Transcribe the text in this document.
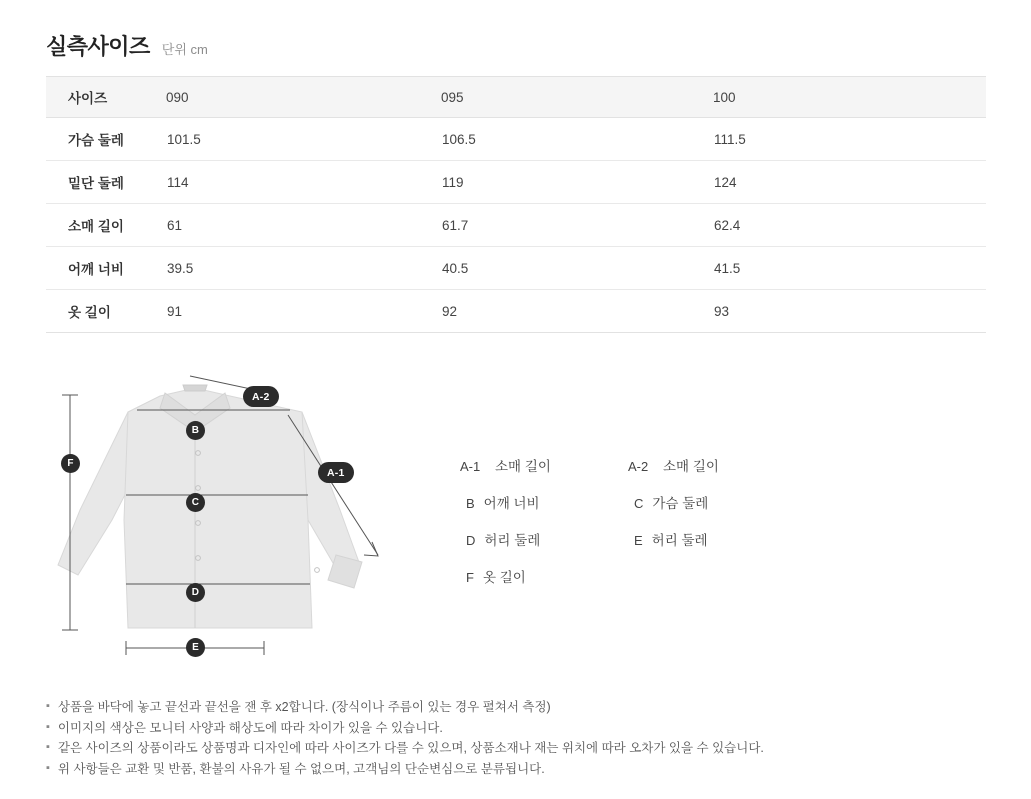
실측사이즈 단위 cm
사이즈	090	095	100
가슴 둘레	101.5	106.5	111.5
밑단 둘레	114	119	124
소매 길이	61	61.7	62.4
어깨 너비	39.5	40.5	41.5
옷 길이	91	92	93
A-2
B
C
D
E
F
A-1	A-1	소매 길이	A-2	소매 길이
B 어깨 너비	C 가슴 둘레
D 허리 둘레	E 허리 둘레
F 옷 길이
▪ 상품을 바닥에 놓고 끝선과 끝선을 잰 후 x2합니다. (장식이나 주름이 있는 경우 펼쳐서 측정)
▪ 이미지의 색상은 모니터 사양과 해상도에 따라 차이가 있을 수 있습니다.
▪ 같은 사이즈의 상품이라도 상품명과 디자인에 따라 사이즈가 다를 수 있으며, 상품소재나 재는 위치에 따라 오차가 있을 수 있습니다.
▪ 위 사항들은 교환 및 반품, 환불의 사유가 될 수 없으며, 고객님의 단순변심으로 분류됩니다.
